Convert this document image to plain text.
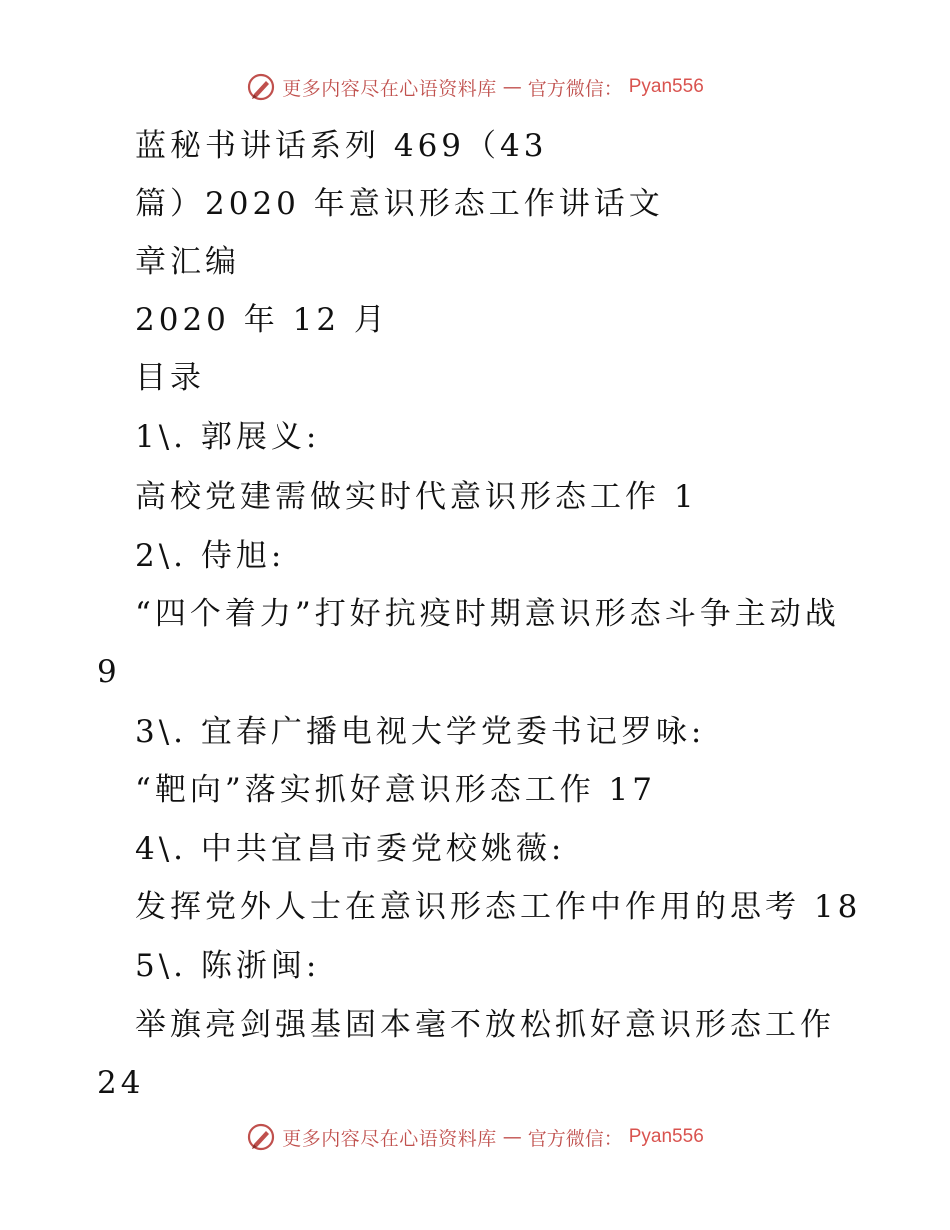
更多内容尽在心语资料库 — 官方微信： Pyan556
蓝秘书讲话系列 469（43
篇）2020 年意识形态工作讲话文
章汇编
2020 年 12 月
目录
1\. 郭展义:
高校党建需做实时代意识形态工作 1
2\. 侍旭:
“四个着力”打好抗疫时期意识形态斗争主动战
9
3\. 宜春广播电视大学党委书记罗咏:
“靶向”落实抓好意识形态工作 17
4\. 中共宜昌市委党校姚薇:
发挥党外人士在意识形态工作中作用的思考 18
5\. 陈浙闽:
举旗亮剑强基固本毫不放松抓好意识形态工作
24
更多内容尽在心语资料库 — 官方微信： Pyan556
